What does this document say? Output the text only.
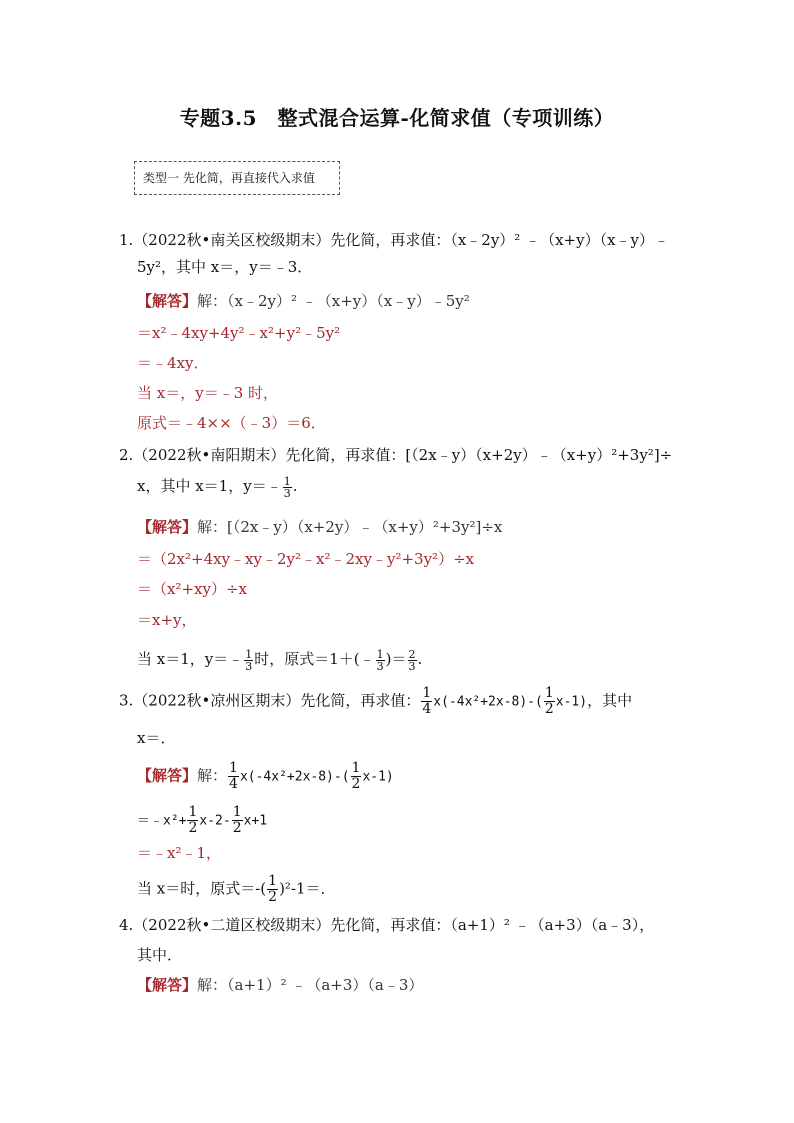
专题3.5　整式混合运算-化简求值（专项训练）
类型一 先化简，再直接代入求值
1.（2022秋•南关区校级期末）先化简，再求值：（x﹣2y）² ﹣（x+y）（x﹣y）﹣
5y²，其中 x＝，y＝﹣3．
【解答】解：（x﹣2y）² ﹣（x+y）（x﹣y）﹣5y²
＝x²﹣4xy+4y²﹣x²+y²﹣5y²
＝﹣4xy．
当 x＝，y＝﹣3 时，
原式＝﹣4××（﹣3）＝6．
2.（2022秋•南阳期末）先化简，再求值：[（2x﹣y）（x+2y）﹣（x+y）²+3y²]÷
x，其中 x＝1，y＝﹣ $\frac{1}{3}$ .
【解答】解：[（2x﹣y）（x+2y）﹣（x+y）²+3y²]÷x
＝（2x²+4xy﹣xy﹣2y²﹣x²﹣2xy﹣y²+3y²）÷x
＝（x²+xy）÷x
＝x+y，
当 x＝1，y＝﹣ $\frac{1}{3}$ 时，原式＝1＋(﹣ $\frac{1}{3}$ )＝ $\frac{2}{3}$ .
3.（2022秋•凉州区期末）先化简，再求值： $\frac{1}{4} x(-4x^2+2x-8)-( \frac{1}{2} x-1)$，其中
x＝．
【解答】解： $\frac{1}{4} x(-4x^2+2x-8)-( \frac{1}{2} x-1)$
＝﹣x²+ $\frac{1}{2} x-2- \frac{1}{2} x+1$
＝﹣x²﹣1，
当 x＝时，原式＝-( $\frac{1}{2} )^2-1=$．
4.（2022秋•二道区校级期末）先化简，再求值：（a+1）² ﹣（a+3）（a﹣3），
其中．
【解答】解：（a+1）² ﹣（a+3）（a﹣3）
